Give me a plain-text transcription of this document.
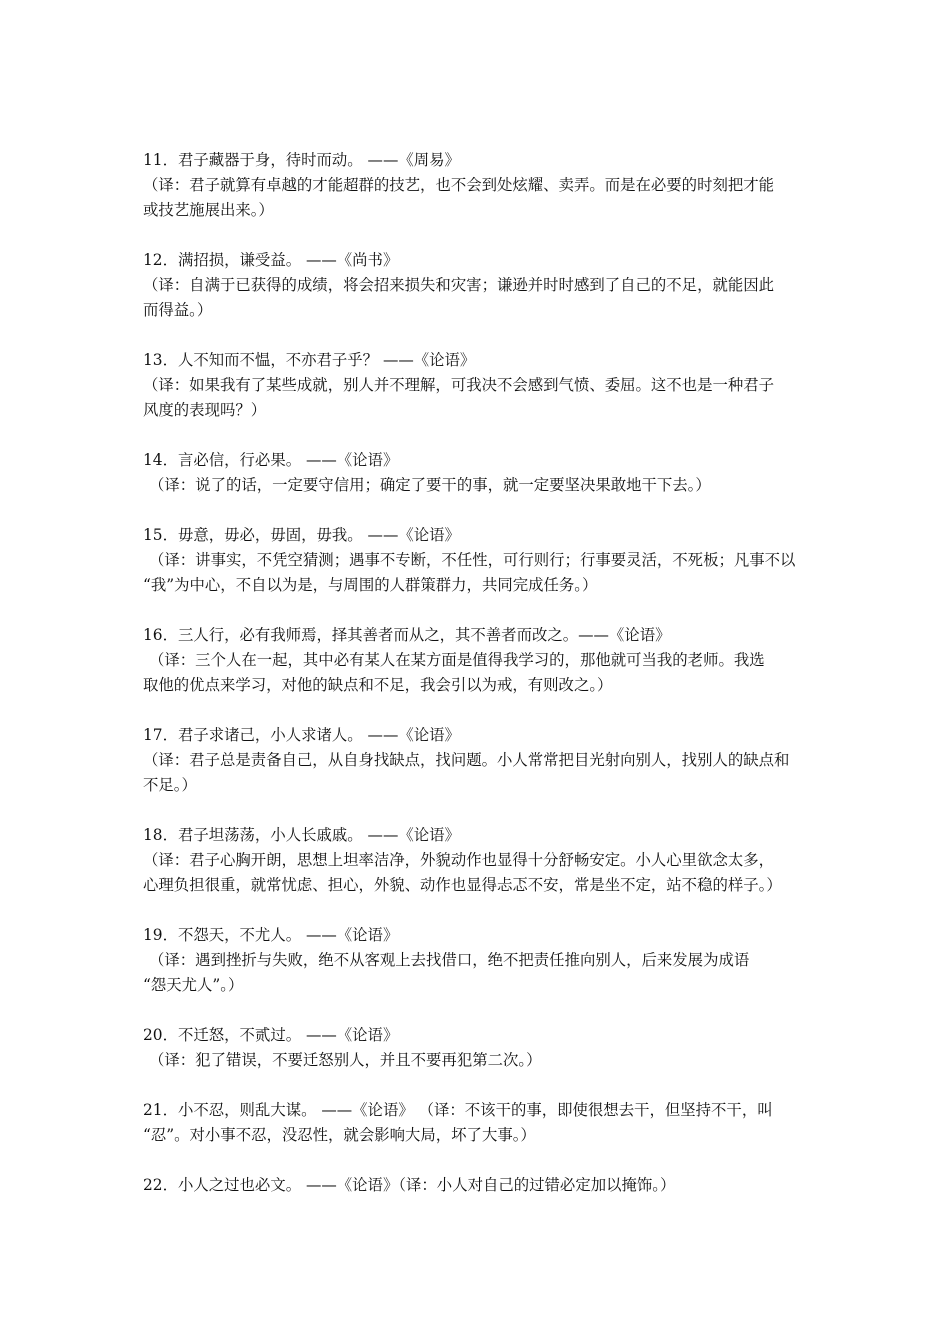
11．君子藏器于身，待时而动。 ——《周易》

（译：君子就算有卓越的才能超群的技艺，也不会到处炫耀、卖弄。而是在必要的时刻把才能

或技艺施展出来。）

12．满招损，谦受益。 ——《尚书》

（译：自满于已获得的成绩，将会招来损失和灾害；谦逊并时时感到了自己的不足，就能因此

而得益。）

13．人不知而不愠，不亦君子乎？ ——《论语》

（译：如果我有了某些成就，别人并不理解，可我决不会感到气愤、委屈。这不也是一种君子

风度的表现吗？）

14．言必信，行必果。 ——《论语》

（译：说了的话，一定要守信用；确定了要干的事，就一定要坚决果敢地干下去。）

15．毋意，毋必，毋固，毋我。 ——《论语》

（译：讲事实，不凭空猜测；遇事不专断，不任性，可行则行；行事要灵活，不死板；凡事不以

“我”为中心，不自以为是，与周围的人群策群力，共同完成任务。）

16．三人行，必有我师焉，择其善者而从之，其不善者而改之。——《论语》

（译：三个人在一起，其中必有某人在某方面是值得我学习的，那他就可当我的老师。我选

取他的优点来学习，对他的缺点和不足，我会引以为戒，有则改之。）

17．君子求诸己，小人求诸人。 ——《论语》

（译：君子总是责备自己，从自身找缺点，找问题。小人常常把目光射向别人，找别人的缺点和

不足。）

18．君子坦荡荡，小人长戚戚。 ——《论语》

（译：君子心胸开朗，思想上坦率洁净，外貌动作也显得十分舒畅安定。小人心里欲念太多，

心理负担很重，就常忧虑、担心，外貌、动作也显得忐忑不安，常是坐不定，站不稳的样子。）

19．不怨天，不尤人。 ——《论语》

（译：遇到挫折与失败，绝不从客观上去找借口，绝不把责任推向别人，后来发展为成语

“怨天尤人”。）

20．不迁怒，不贰过。 ——《论语》

（译：犯了错误，不要迁怒别人，并且不要再犯第二次。）

21．小不忍，则乱大谋。 ——《论语》 （译：不该干的事，即使很想去干，但坚持不干，叫

“忍”。对小事不忍，没忍性，就会影响大局，坏了大事。）

22．小人之过也必文。 ——《论语》（译：小人对自己的过错必定加以掩饰。）
